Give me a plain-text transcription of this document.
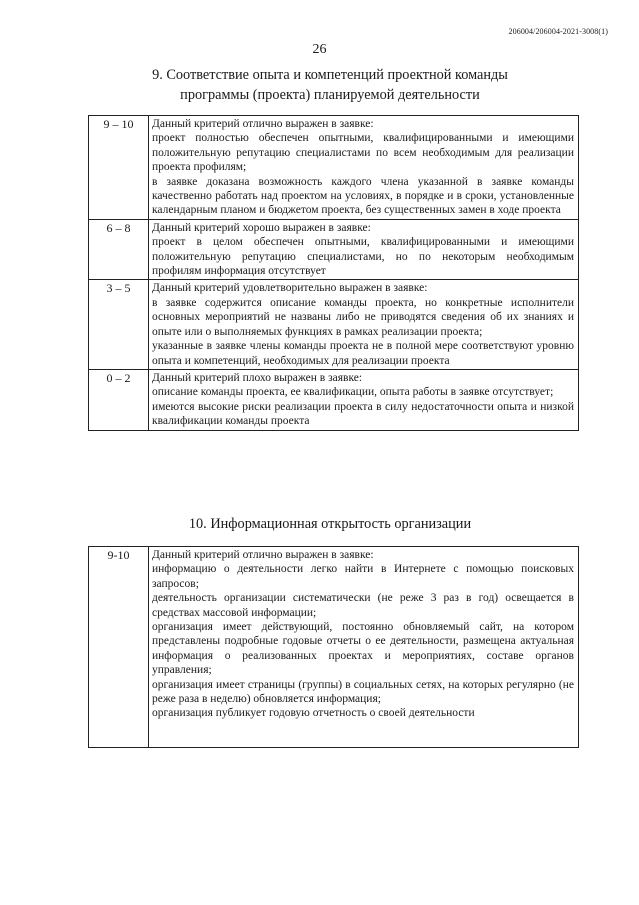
206004/206004-2021-3008(1)
26
9. Соответствие опыта и компетенций проектной команды
программы (проекта) планируемой деятельности
9 – 10	Данный критерий отлично выражен в заявке:
проект полностью обеспечен опытными, квалифицированными и имеющими положительную репутацию специалистами по всем необходимым для реализации проекта профилям;
в заявке доказана возможность каждого члена указанной в заявке команды качественно работать над проектом на условиях, в порядке и в сроки, установленные календарным планом и бюджетом проекта, без существенных замен в ходе проекта

6 – 8	Данный критерий хорошо выражен в заявке:
проект в целом обеспечен опытными, квалифицированными и имеющими положительную репутацию специалистами, но по некоторым необходимым профилям информация отсутствует

3 – 5	Данный критерий удовлетворительно выражен в заявке:
в заявке содержится описание команды проекта, но конкретные исполнители основных мероприятий не названы либо не приводятся сведения об их знаниях и опыте или о выполняемых функциях в рамках реализации проекта;
указанные в заявке члены команды проекта не в полной мере соответствуют уровню опыта и компетенций, необходимых для реализации проекта

0 – 2	Данный критерий плохо выражен в заявке:
описание команды проекта, ее квалификации, опыта работы в заявке отсутствует;
имеются высокие риски реализации проекта в силу недостаточности опыта и низкой квалификации команды проекта
10. Информационная открытость организации
9-10	Данный критерий отлично выражен в заявке:
информацию о деятельности легко найти в Интернете с помощью поисковых запросов;
деятельность организации систематически (не реже 3 раз в год) освещается в средствах массовой информации;
организация имеет действующий, постоянно обновляемый сайт, на котором представлены подробные годовые отчеты о ее деятельности, размещена актуальная информация о реализованных проектах и мероприятиях, составе органов управления;
организация имеет страницы (группы) в социальных сетях, на которых регулярно (не реже раза в неделю) обновляется информация;
организация публикует годовую отчетность о своей деятельности
